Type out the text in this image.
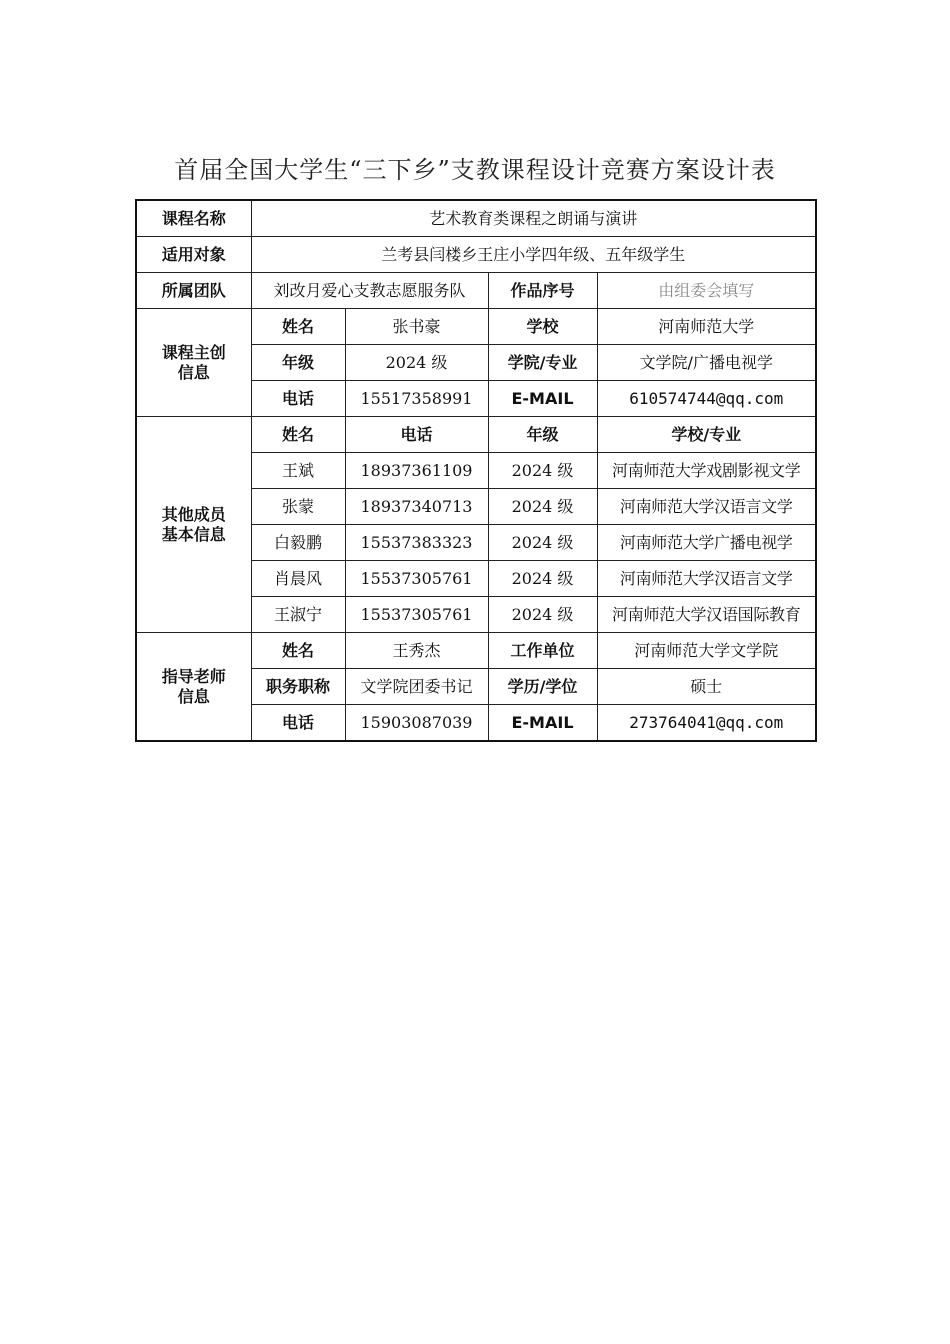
首届全国大学生“三下乡”支教课程设计竞赛方案设计表
课程名称	艺术教育类课程之朗诵与演讲			
适用对象	兰考县闫楼乡王庄小学四年级、五年级学生			
所属团队	刘改月爱心支教志愿服务队		作品序号	由组委会填写

课程主创
信息	姓名	张书豪	学校	河南师范大学
	年级	2024 级	学院/专业	文学院/广播电视学
	电话	15517358991	E-MAIL	610574744@qq.com

其他成员
基本信息	姓名	电话	年级	学校/专业
	王斌	18937361109	2024 级	河南师范大学戏剧影视文学
	张蒙	18937340713	2024 级	河南师范大学汉语言文学
	白毅鹏	15537383323	2024 级	河南师范大学广播电视学
	肖晨风	15537305761	2024 级	河南师范大学汉语言文学
	王淑宁	15537305761	2024 级	河南师范大学汉语国际教育

指导老师
信息	姓名	王秀杰	工作单位	河南师范大学文学院
	职务职称	文学院团委书记	学历/学位	硕士
	电话	15903087039	E-MAIL	273764041@qq.com
